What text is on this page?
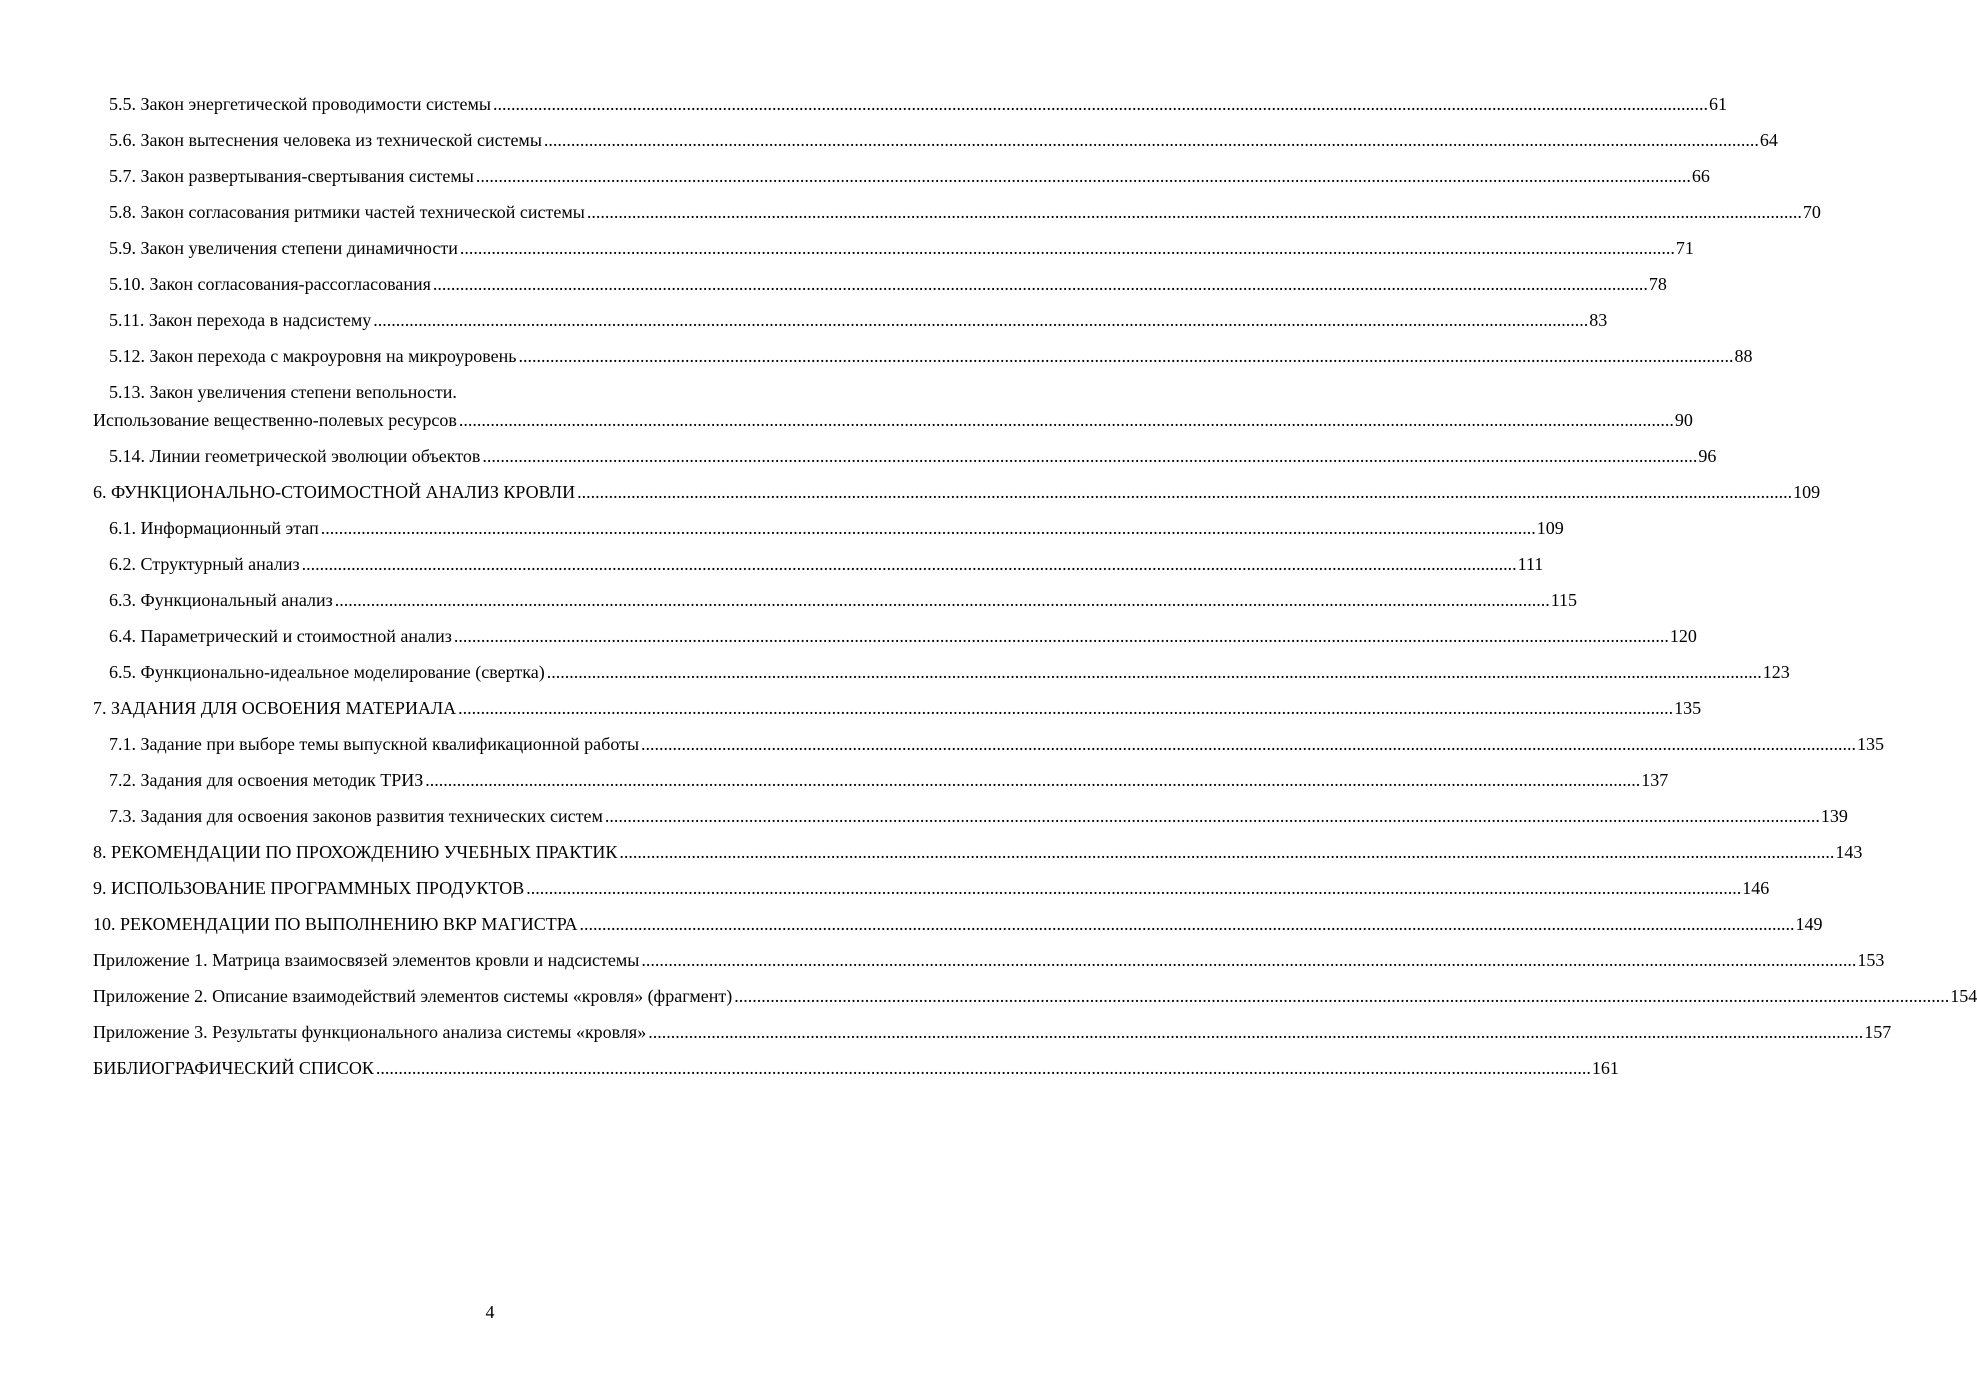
5.5. Закон энергетической проводимости системы .....	61
5.6. Закон вытеснения человека из технической системы .....	64
5.7. Закон развертывания-свертывания системы .....	66
5.8. Закон согласования ритмики частей технической системы .....	70
5.9. Закон увеличения степени динамичности .....	71
5.10. Закон согласования-рассогласования .....	78
5.11. Закон перехода в надсистему .....	83
5.12. Закон перехода с макроуровня на микроуровень .....	88
5.13. Закон увеличения степени вепольности.
Использование вещественно-полевых ресурсов .....	90
5.14. Линии геометрической эволюции объектов .....	96
6. ФУНКЦИОНАЛЬНО-СТОИМОСТНОЙ АНАЛИЗ КРОВЛИ .....	109
6.1. Информационный этап .....	109
6.2. Структурный анализ .....	111
6.3. Функциональный анализ .....	115
6.4. Параметрический и стоимостной анализ .....	120
6.5. Функционально-идеальное моделирование (свертка) .....	123
7. ЗАДАНИЯ ДЛЯ ОСВОЕНИЯ МАТЕРИАЛА .....	135
7.1. Задание при выборе темы выпускной квалификационной работы .....	135
7.2. Задания для освоения методик ТРИЗ .....	137
7.3. Задания для освоения законов развития технических систем .....	139
8. РЕКОМЕНДАЦИИ ПО ПРОХОЖДЕНИЮ УЧЕБНЫХ ПРАКТИК .....	143
9. ИСПОЛЬЗОВАНИЕ ПРОГРАММНЫХ ПРОДУКТОВ .....	146
10. РЕКОМЕНДАЦИИ ПО ВЫПОЛНЕНИЮ ВКР МАГИСТРА .....	149
Приложение 1. Матрица взаимосвязей элементов кровли и надсистемы .....	153
Приложение 2. Описание взаимодействий элементов системы «кровля» (фрагмент) .....	154
Приложение 3. Результаты функционального анализа системы «кровля» .....	157
БИБЛИОГРАФИЧЕСКИЙ СПИСОК .....	161
4
